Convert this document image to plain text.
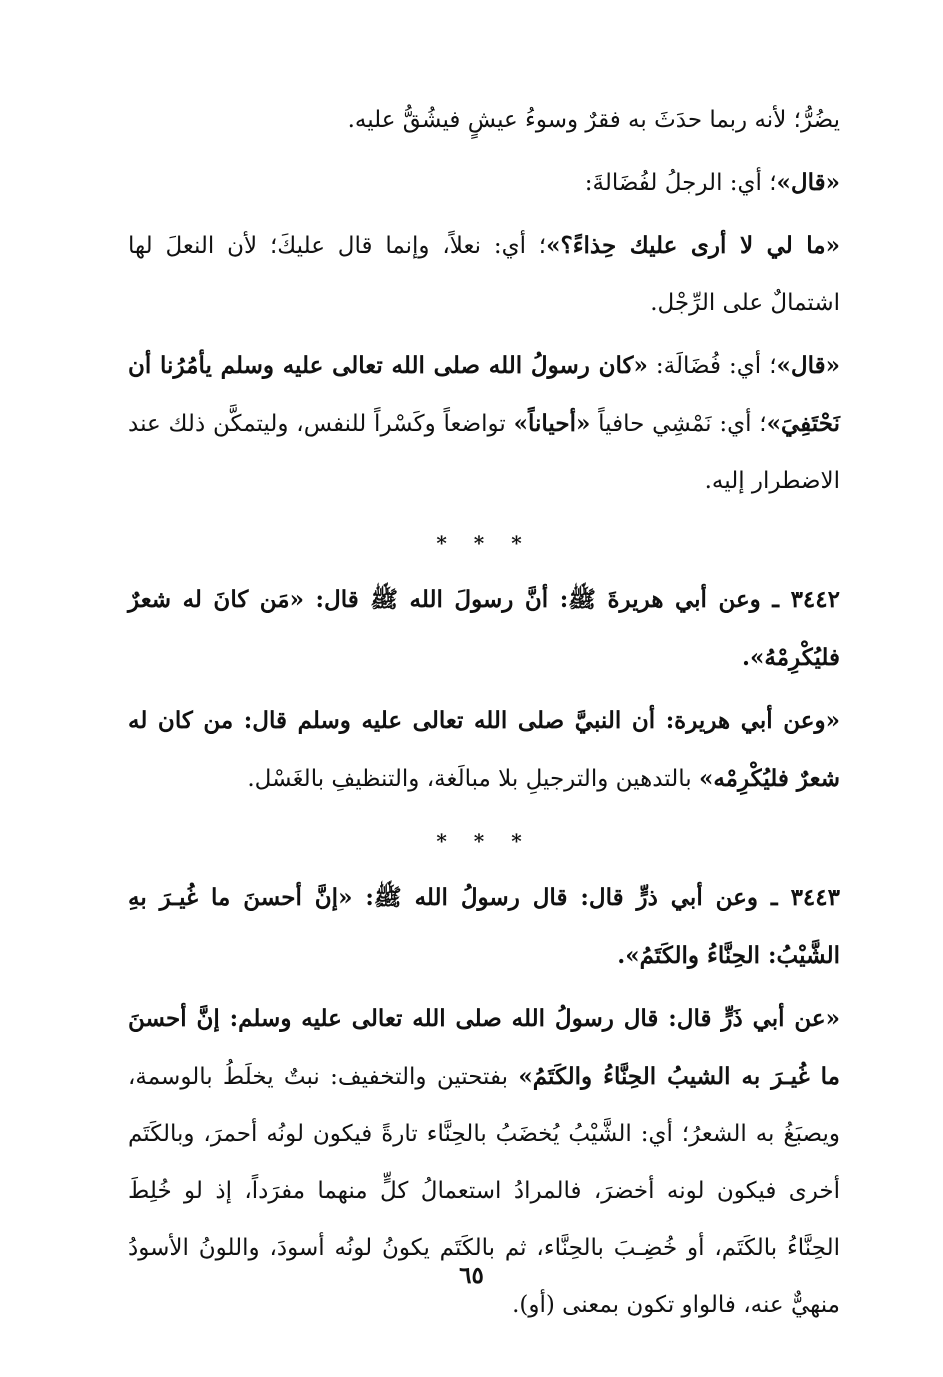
يضُرُّ؛ لأنه ربما حدَثَ به فقرٌ وسوءُ عيشٍ فيشُقُّ عليه.

«قال»؛ أي: الرجلُ لفُضَالةَ:

«ما لي لا أرى عليك حِذاءً؟»؛ أي: نعلاً، وإنما قال عليكَ؛ لأن النعلَ لها اشتمالٌ على الرِّجْل.

«قال»؛ أي: فُضَالَة: «كان رسولُ الله صلى الله تعالى عليه وسلم يأمُرُنا أن نَحْتَفِيَ»؛ أي: نَمْشِي حافياً «أحياناً» تواضعاً وكَسْراً للنفس، وليتمكَّن ذلك عند الاضطرار إليه.

* * *

٣٤٤٢ ـ وعن أبي هريرةَ ﷺ: أنَّ رسولَ الله ﷺ قال: «مَن كانَ له شعرٌ فليُكْرِمْهُ».

«وعن أبي هريرة: أن النبيَّ صلى الله تعالى عليه وسلم قال: من كان له شعرٌ فليُكْرِمْه» بالتدهين والترجيلِ بلا مبالَغة، والتنظيفِ بالغَسْل.

* * *

٣٤٤٣ ـ وعن أبي ذرٍّ قال: قال رسولُ الله ﷺ: «إنَّ أحسنَ ما غُيـرَ بهِ الشَّيْبُ: الحِنَّاءُ والكَتَمُ».

«عن أبي ذَرٍّ قال: قال رسولُ الله صلى الله تعالى عليه وسلم: إنَّ أحسنَ ما غُيـرَ به الشيبُ الحِنَّاءُ والكَتَمُ» بفتحتين والتخفيف: نبتٌ يخلَطُ بالوسمة، ويصبَغُ به الشعرُ؛ أي: الشَّيْبُ يُخضَبُ بالحِنَّاء تارةً فيكون لونُه أحمرَ، وبالكَتَم أخرى فيكون لونه أخضرَ، فالمرادُ استعمالُ كلٍّ منهما مفرَداً، إذ لو خُلِطَ الحِنَّاءُ بالكَتَم، أو خُضِـبَ بالحِنَّاء، ثم بالكَتَم يكونُ لونُه أسودَ، واللونُ الأسودُ منهيٌّ عنه، فالواو تكون بمعنى (أو).

٦٥
